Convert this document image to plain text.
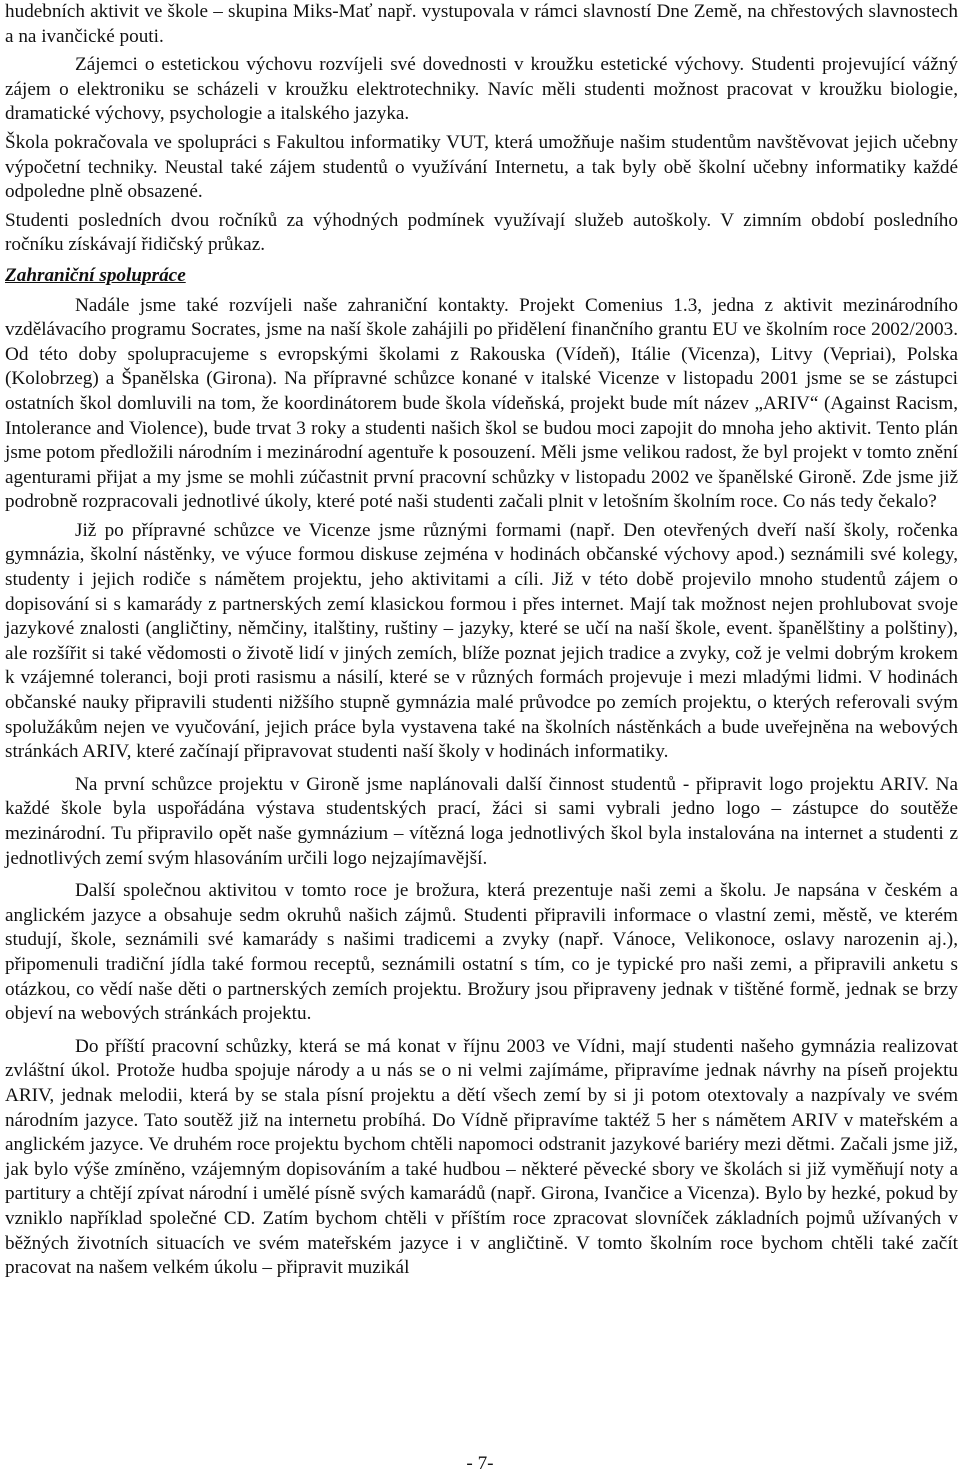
hudebních aktivit ve škole – skupina Miks-Mať např. vystupovala v rámci slavností Dne Země, na chřestových slavnostech a na ivančické pouti.

Zájemci o estetickou výchovu rozvíjeli své dovednosti v kroužku estetické výchovy. Studenti projevující vážný zájem o elektroniku se scházeli v kroužku elektrotechniky. Navíc měli studenti možnost pracovat v kroužku biologie, dramatické výchovy, psychologie a italského jazyka.

Škola pokračovala ve spolupráci s Fakultou informatiky VUT, která umožňuje našim studentům navštěvovat jejich učebny výpočetní techniky. Neustal také zájem studentů o využívání Internetu, a tak byly obě školní učebny informatiky každé odpoledne plně obsazené.

Studenti posledních dvou ročníků za výhodných podmínek využívají služeb autoškoly. V zimním období posledního ročníku získávají řidičský průkaz.

Zahraniční spolupráce

Nadále jsme také rozvíjeli naše zahraniční kontakty. Projekt Comenius 1.3, jedna z aktivit mezinárodního vzdělávacího programu Socrates, jsme na naší škole zahájili po přidělení finančního grantu EU ve školním roce 2002/2003. Od této doby spolupracujeme s evropskými školami z Rakouska (Vídeň), Itálie (Vicenza), Litvy (Vepriai), Polska (Kolobrzeg) a Španělska (Girona). Na přípravné schůzce konané v italské Vicenze v listopadu 2001 jsme se se zástupci ostatních škol domluvili na tom, že koordinátorem bude škola vídeňská, projekt bude mít název „ARIV“ (Against Racism, Intolerance and Violence), bude trvat 3 roky a studenti našich škol se budou moci zapojit do mnoha jeho aktivit. Tento plán jsme potom předložili národním i mezinárodní agentuře k posouzení. Měli jsme velikou radost, že byl projekt v tomto znění agenturami přijat a my jsme se mohli zúčastnit první pracovní schůzky v listopadu 2002 ve španělské Gironě. Zde jsme již podrobně rozpracovali jednotlivé úkoly, které poté naši studenti začali plnit v letošním školním roce. Co nás tedy čekalo?

Již po přípravné schůzce ve Vicenze jsme různými formami (např. Den otevřených dveří naší školy, ročenka gymnázia, školní nástěnky, ve výuce formou diskuse zejména v hodinách občanské výchovy apod.) seznámili své kolegy, studenty i jejich rodiče s námětem projektu, jeho aktivitami a cíli. Již v této době projevilo mnoho studentů zájem o dopisování si s kamarády z partnerských zemí klasickou formou i přes internet. Mají tak možnost nejen prohlubovat svoje jazykové znalosti (angličtiny, němčiny, italštiny, ruštiny – jazyky, které se učí na naší škole, event. španělštiny a polštiny), ale rozšířit si také vědomosti o životě lidí v jiných zemích, blíže poznat jejich tradice a zvyky, což je velmi dobrým krokem k vzájemné toleranci, boji proti rasismu a násilí, které se v různých formách projevuje i mezi mladými lidmi. V hodinách občanské nauky připravili studenti nižšího stupně gymnázia malé průvodce po zemích projektu, o kterých referovali svým spolužákům nejen ve vyučování, jejich práce byla vystavena také na školních nástěnkách a bude uveřejněna na webových stránkách ARIV, které začínají připravovat studenti naší školy v hodinách informatiky.

Na první schůzce projektu v Gironě jsme naplánovali další činnost studentů - připravit logo projektu ARIV. Na každé škole byla uspořádána výstava studentských prací, žáci si sami vybrali jedno logo – zástupce do soutěže mezinárodní. Tu připravilo opět naše gymnázium – vítězná loga jednotlivých škol byla instalována na internet a studenti z jednotlivých zemí svým hlasováním určili logo nejzajímavější.

Další společnou aktivitou v tomto roce je brožura, která prezentuje naši zemi a školu. Je napsána v českém a anglickém jazyce a obsahuje sedm okruhů našich zájmů. Studenti připravili informace o vlastní zemi, městě, ve kterém studují, škole, seznámili své kamarády s našimi tradicemi a zvyky (např. Vánoce, Velikonoce, oslavy narozenin aj.), připomenuli tradiční jídla také formou receptů, seznámili ostatní s tím, co je typické pro naši zemi, a připravili anketu s otázkou, co vědí naše děti o partnerských zemích projektu. Brožury jsou připraveny jednak v tištěné formě, jednak se brzy objeví na webových stránkách projektu.

Do příští pracovní schůzky, která se má konat v říjnu 2003 ve Vídni, mají studenti našeho gymnázia realizovat zvláštní úkol. Protože hudba spojuje národy a u nás se o ni velmi zajímáme, připravíme jednak návrhy na píseň projektu ARIV, jednak melodii, která by se stala písní projektu a dětí všech zemí by si ji potom otextovaly a nazpívaly ve svém národním jazyce. Tato soutěž již na internetu probíhá. Do Vídně připravíme taktéž 5 her s námětem ARIV v mateřském a anglickém jazyce. Ve druhém roce projektu bychom chtěli napomoci odstranit jazykové bariéry mezi dětmi. Začali jsme již, jak bylo výše zmíněno, vzájemným dopisováním a také hudbou – některé pěvecké sbory ve školách si již vyměňují noty a partitury a chtějí zpívat národní i umělé písně svých kamarádů (např. Girona, Ivančice a Vicenza). Bylo by hezké, pokud by vzniklo například společné CD. Zatím bychom chtěli v příštím roce zpracovat slovníček základních pojmů užívaných v běžných životních situacích ve svém mateřském jazyce i v angličtině. V tomto školním roce bychom chtěli také začít pracovat na našem velkém úkolu – připravit muzikál

- 7-
